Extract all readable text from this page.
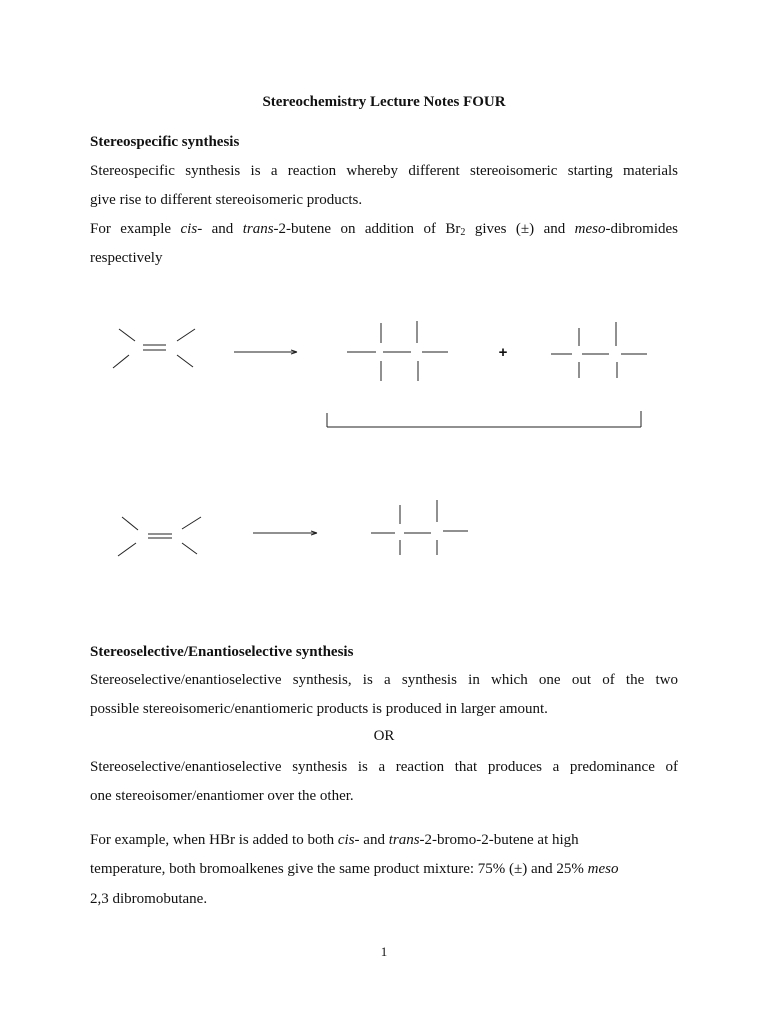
Stereochemistry Lecture Notes FOUR
Stereospecific synthesis
Stereospecific synthesis is a reaction whereby different stereoisomeric starting materials
give rise to different stereoisomeric products.
For example cis- and trans-2-butene on addition of $Br_2$ gives (±) and meso-dibromides
respectively
+
Stereoselective/Enantioselective synthesis
Stereoselective/enantioselective synthesis, is a synthesis in which one out of the two
possible stereoisomeric/enantiomeric products is produced in larger amount.
OR
Stereoselective/enantioselective synthesis is a reaction that produces a predominance of
one stereoisomer/enantiomer over the other.
For example, when HBr is added to both cis- and trans-2-bromo-2-butene at high
temperature, both bromoalkenes give the same product mixture: 75% (±) and 25% meso
2,3 dibromobutane.
1
